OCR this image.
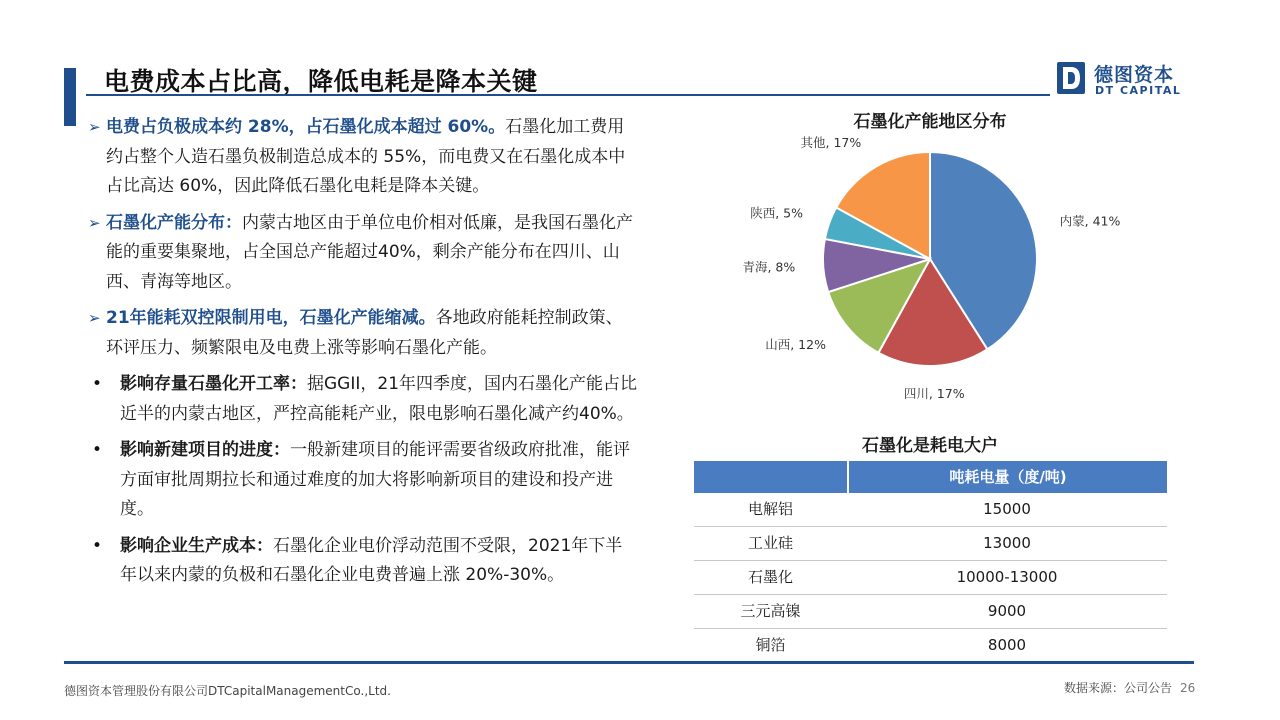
电费成本占比高，降低电耗是降本关键	德图资本
DT CAPITAL
➢ 电费占负极成本约 28%，占石墨化成本超过 60%。石墨化加工费用约占整个人造石墨负极制造总成本的 55%，而电费又在石墨化成本中占比高达 60%，因此降低石墨化电耗是降本关键。
➢ 石墨化产能分布：内蒙古地区由于单位电价相对低廉，是我国石墨化产能的重要集聚地，占全国总产能超过40%，剩余产能分布在四川、山西、青海等地区。
➢ 21年能耗双控限制用电，石墨化产能缩减。各地政府能耗控制政策、环评压力、频繁限电及电费上涨等影响石墨化产能。
• 影响存量石墨化开工率：据GGII，21年四季度，国内石墨化产能占比近半的内蒙古地区，严控高能耗产业，限电影响石墨化减产约40%。
• 影响新建项目的进度：一般新建项目的能评需要省级政府批准，能评方面审批周期拉长和通过难度的加大将影响新项目的建设和投产进度。
• 影响企业生产成本：石墨化企业电价浮动范围不受限，2021年下半年以来内蒙的负极和石墨化企业电费普遍上涨 20%-30%。
石墨化产能地区分布
内蒙, 41%
四川, 17%
山西, 12%
青海, 8%
陕西, 5%
其他, 17%
石墨化是耗电大户
吨耗电量（度/吨)
电解铝	15000
工业硅	13000
石墨化	10000-13000
三元高镍	9000
铜箔	8000
德图资本管理股份有限公司DTCapitalManagementCo.,Ltd.	数据来源：公司公告 26
